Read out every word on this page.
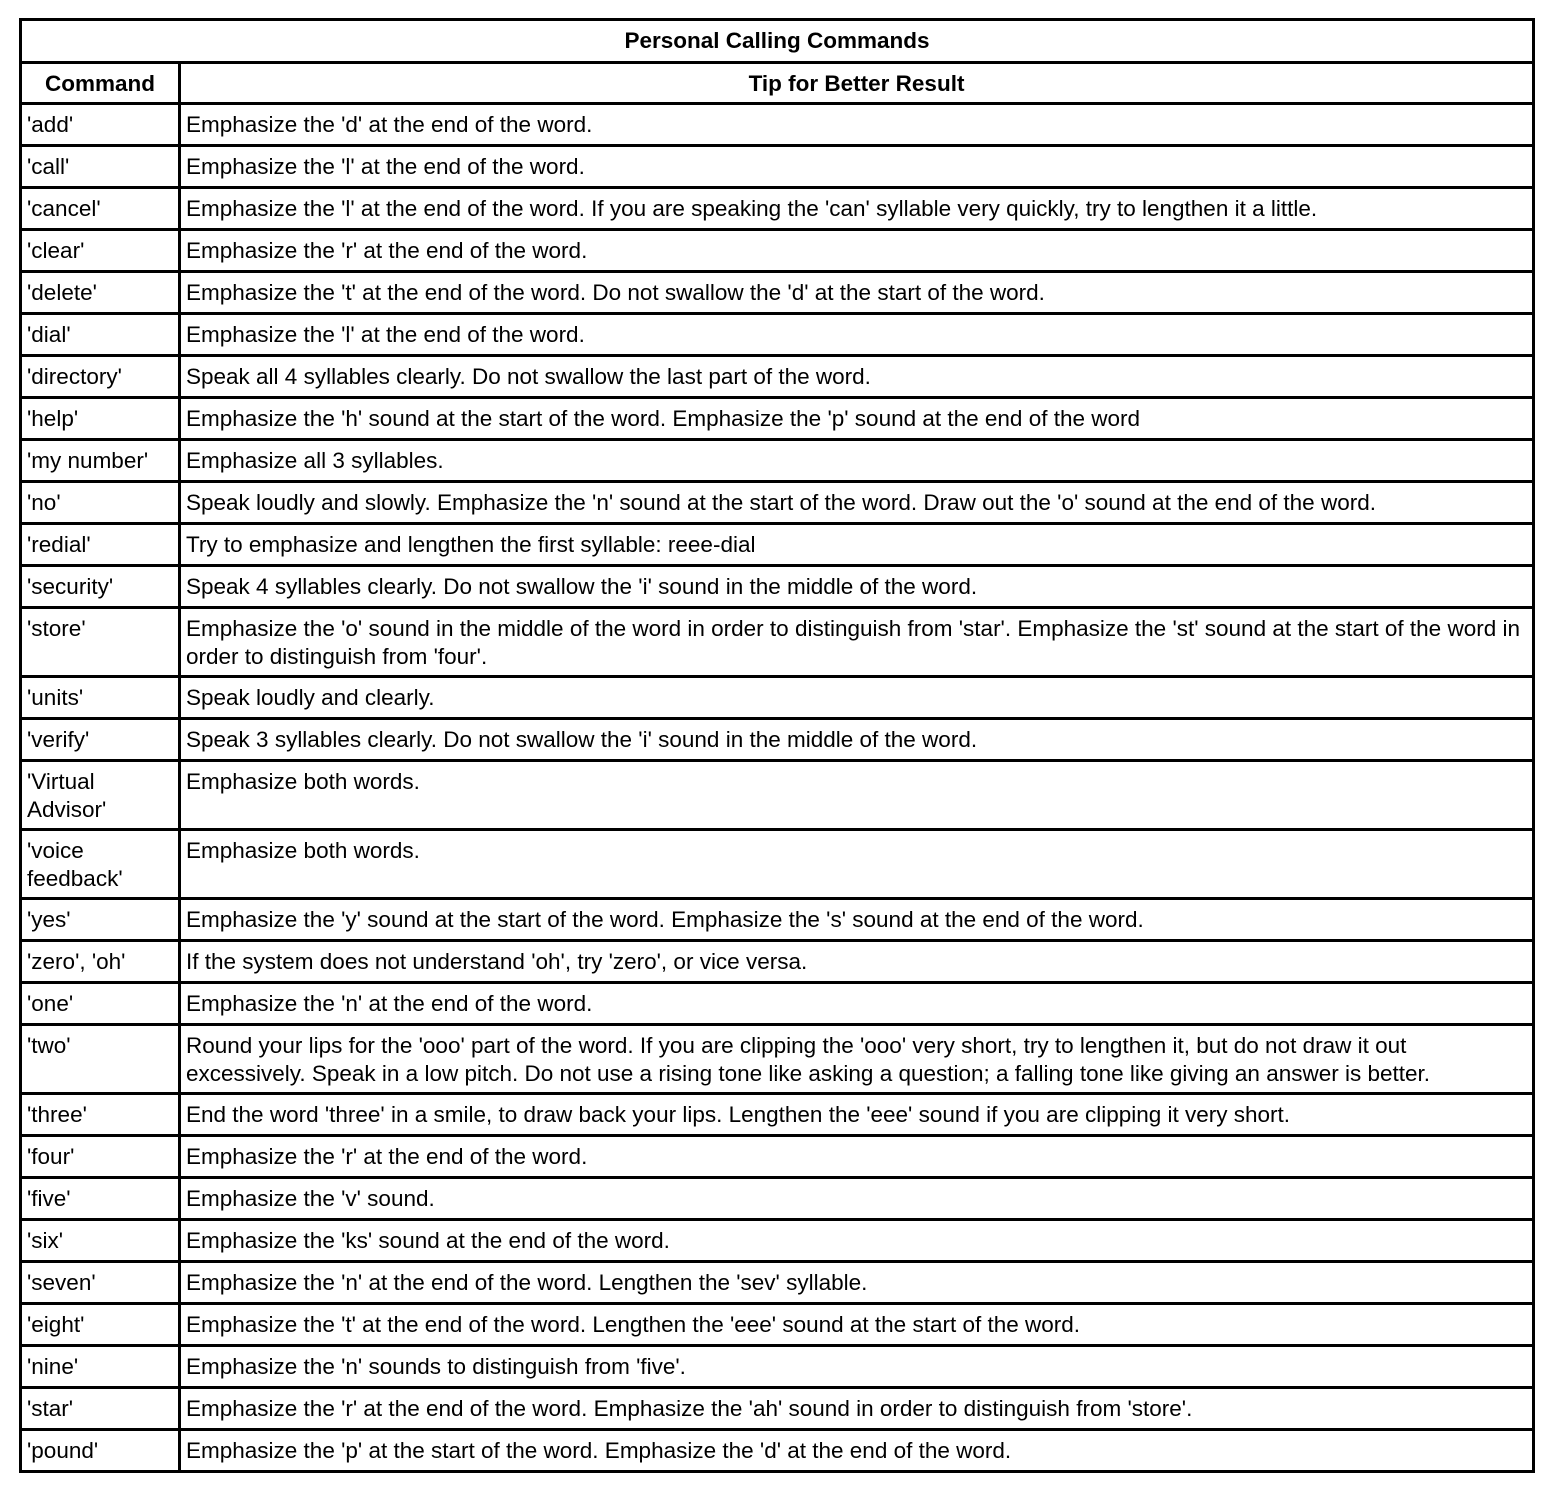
Personal Calling Commands	
Command	Tip for Better Result
'add'	Emphasize the 'd' at the end of the word.
'call'	Emphasize the 'l' at the end of the word.
'cancel'	Emphasize the 'l' at the end of the word. If you are speaking the 'can' syllable very quickly, try to lengthen it a little.
'clear'	Emphasize the 'r' at the end of the word.
'delete'	Emphasize the 't' at the end of the word. Do not swallow the 'd' at the start of the word.
'dial'	Emphasize the 'l' at the end of the word.
'directory'	Speak all 4 syllables clearly. Do not swallow the last part of the word.
'help'	Emphasize the 'h' sound at the start of the word. Emphasize the 'p' sound at the end of the word
'my number'	Emphasize all 3 syllables.
'no'	Speak loudly and slowly. Emphasize the 'n' sound at the start of the word. Draw out the 'o' sound at the end of the word.
'redial'	Try to emphasize and lengthen the first syllable: reee-dial
'security'	Speak 4 syllables clearly. Do not swallow the 'i' sound in the middle of the word.
'store'	Emphasize the 'o' sound in the middle of the word in order to distinguish from 'star'. Emphasize the 'st' sound at the start of the word in order to distinguish from 'four'.
'units'	Speak loudly and clearly.
'verify'	Speak 3 syllables clearly. Do not swallow the 'i' sound in the middle of the word.
'Virtual Advisor'	Emphasize both words.
'voice feedback'	Emphasize both words.
'yes'	Emphasize the 'y' sound at the start of the word. Emphasize the 's' sound at the end of the word.
'zero', 'oh'	If the system does not understand 'oh', try 'zero', or vice versa.
'one'	Emphasize the 'n' at the end of the word.
'two'	Round your lips for the 'ooo' part of the word. If you are clipping the 'ooo' very short, try to lengthen it, but do not draw it out excessively. Speak in a low pitch. Do not use a rising tone like asking a question; a falling tone like giving an answer is better.
'three'	End the word 'three' in a smile, to draw back your lips. Lengthen the 'eee' sound if you are clipping it very short.
'four'	Emphasize the 'r' at the end of the word.
'five'	Emphasize the 'v' sound.
'six'	Emphasize the 'ks' sound at the end of the word.
'seven'	Emphasize the 'n' at the end of the word. Lengthen the 'sev' syllable.
'eight'	Emphasize the 't' at the end of the word. Lengthen the 'eee' sound at the start of the word.
'nine'	Emphasize the 'n' sounds to distinguish from 'five'.
'star'	Emphasize the 'r' at the end of the word. Emphasize the 'ah' sound in order to distinguish from 'store'.
'pound'	Emphasize the 'p' at the start of the word. Emphasize the 'd' at the end of the word.
